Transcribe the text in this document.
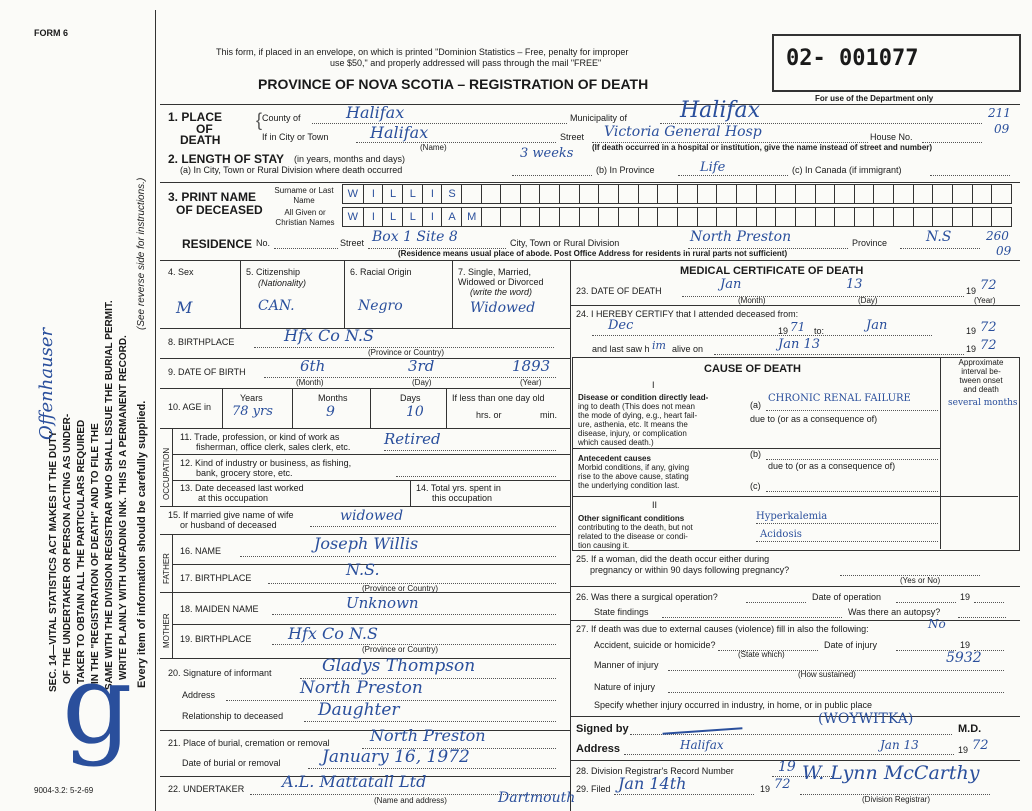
FORM 6
This form, if placed in an envelope, on which is printed "Dominion Statistics – Free, penalty for improper
use $50," and properly addressed will pass through the mail "FREE"
PROVINCE OF NOVA SCOTIA – REGISTRATION OF DEATH
02- 001077
For use of the Department only
SEC. 14—VITAL STATISTICS ACT MAKES IT THE DUTY OF THE UNDERTAKER OR PERSON ACTING AS UNDER- TAKER TO OBTAIN ALL THE PARTICULARS REQUIRED IN THE "REGISTRATION OF DEATH" AND TO FILE THE SAME WITH THE DIVISION REGISTRAR WHO SHALL ISSUE THE BURIAL PERMIT. WRITE PLAINLY WITH UNFADING INK. THIS IS A PERMANENT RECORD. Every item of information should be carefully supplied.
(See reverse side for instructions.)
Offenhauser
g
9004-3.2: 5-2-69
1. PLACE
OF
DEATH
{ County of	Halifax	Municipality of Halifax	211
If in City or Town	Halifax
(Name)
Street Victoria General Hosp	House No.
09
(If death occurred in a hospital or institution, give the name instead of street and number)
2. LENGTH OF STAY (in years, months and days)
(a) In City, Town or Rural Division where death occurred
3 weeks
(b) In Province	Life	(c) In Canada (if immigrant)
3. PRINT NAME
OF DECEASED
Surname or Last Name
All Given or Christian Names
W	I	L	L	I	S
W	I	L	L	I	A	M
RESIDENCE No.	Street Box 1 Site 8	City, Town or Rural Division	North Preston	Province	N.S	260
09
(Residence means usual place of abode. Post Office Address for residents in rural parts not sufficient)
4. Sex
M
5. Citizenship
(Nationality)
CAN.
6. Racial Origin
Negro
7. Single, Married,
Widowed or Divorced
(write the word)
Widowed
8. BIRTHPLACE	Hfx Co N.S
(Province or Country)
9. DATE OF BIRTH	6th	3rd	1893
(Month)	(Day)	(Year)
10. AGE in
Years
78 yrs
Months
9
Days
10
If less than one day old
hrs. or	min.
OCCUPATION
11. Trade, profession, or kind of work as
fisherman, office clerk, sales clerk, etc. Retired
12. Kind of industry or business, as fishing,
bank, grocery store, etc.
13. Date deceased last worked
at this occupation
14. Total yrs. spent in
this occupation
15. If married give name of wife
or husband of deceased
widowed
FATHER
16. NAME	Joseph Willis
17. BIRTHPLACE	N.S.
(Province or Country)
MOTHER
18. MAIDEN NAME	Unknown
19. BIRTHPLACE Hfx Co N.S
(Province or Country)
20. Signature of informant	Gladys Thompson
Address	North Preston
Relationship to deceased Daughter
21. Place of burial, cremation or removal	North Preston
Date of burial or removal January 16, 1972
22. UNDERTAKER A.L. Mattatall Ltd
Dartmouth
(Name and address)
MEDICAL CERTIFICATE OF DEATH
23. DATE OF DEATH	Jan	13	19 72
(Month)	(Day)	(Year)
24. I HEREBY CERTIFY that I attended deceased from:
Dec	19 71 to:	Jan	19 72
and last saw h im alive on	Jan 13	19 72
CAUSE OF DEATH
Approximate
interval be-
tween onset
and death
I
Disease or condition directly lead-
ing to death (This does not mean
the mode of dying, e.g., heart fail-
ure, asthenia, etc. It means the
disease, injury, or complication
which caused death.)
(a)
CHRONIC RENAL FAILURE	several months
due to (or as a consequence of)
Antecedent causes
Morbid conditions, if any, giving
rise to the above cause, stating
the underlying condition last.
(b)
due to (or as a consequence of)
(c)
II
Other significant conditions
contributing to the death, but not
related to the disease or condi-
tion causing it.
Hyperkalemia
Acidosis
25. If a woman, did the death occur either during
pregnancy or within 90 days following pregnancy?
(Yes or No)
26. Was there a surgical operation?	Date of operation	19
State findings	Was there an autopsy?
27. If death was due to external causes (violence) fill in also the following:	No
Accident, suicide or homicide?
(State which)
Date of injury	19
Manner of injury	5932
(How sustained)
Nature of injury
Specify whether injury occurred in industry, in home, or in public place
Signed by
(WOYWITKA)
M.D.
Address	Halifax	Jan 13	19 72
28. Division Registrar's Record Number	19
29. Filed Jan 14th	19 72
W. Lynn McCarthy
(Division Registrar)
